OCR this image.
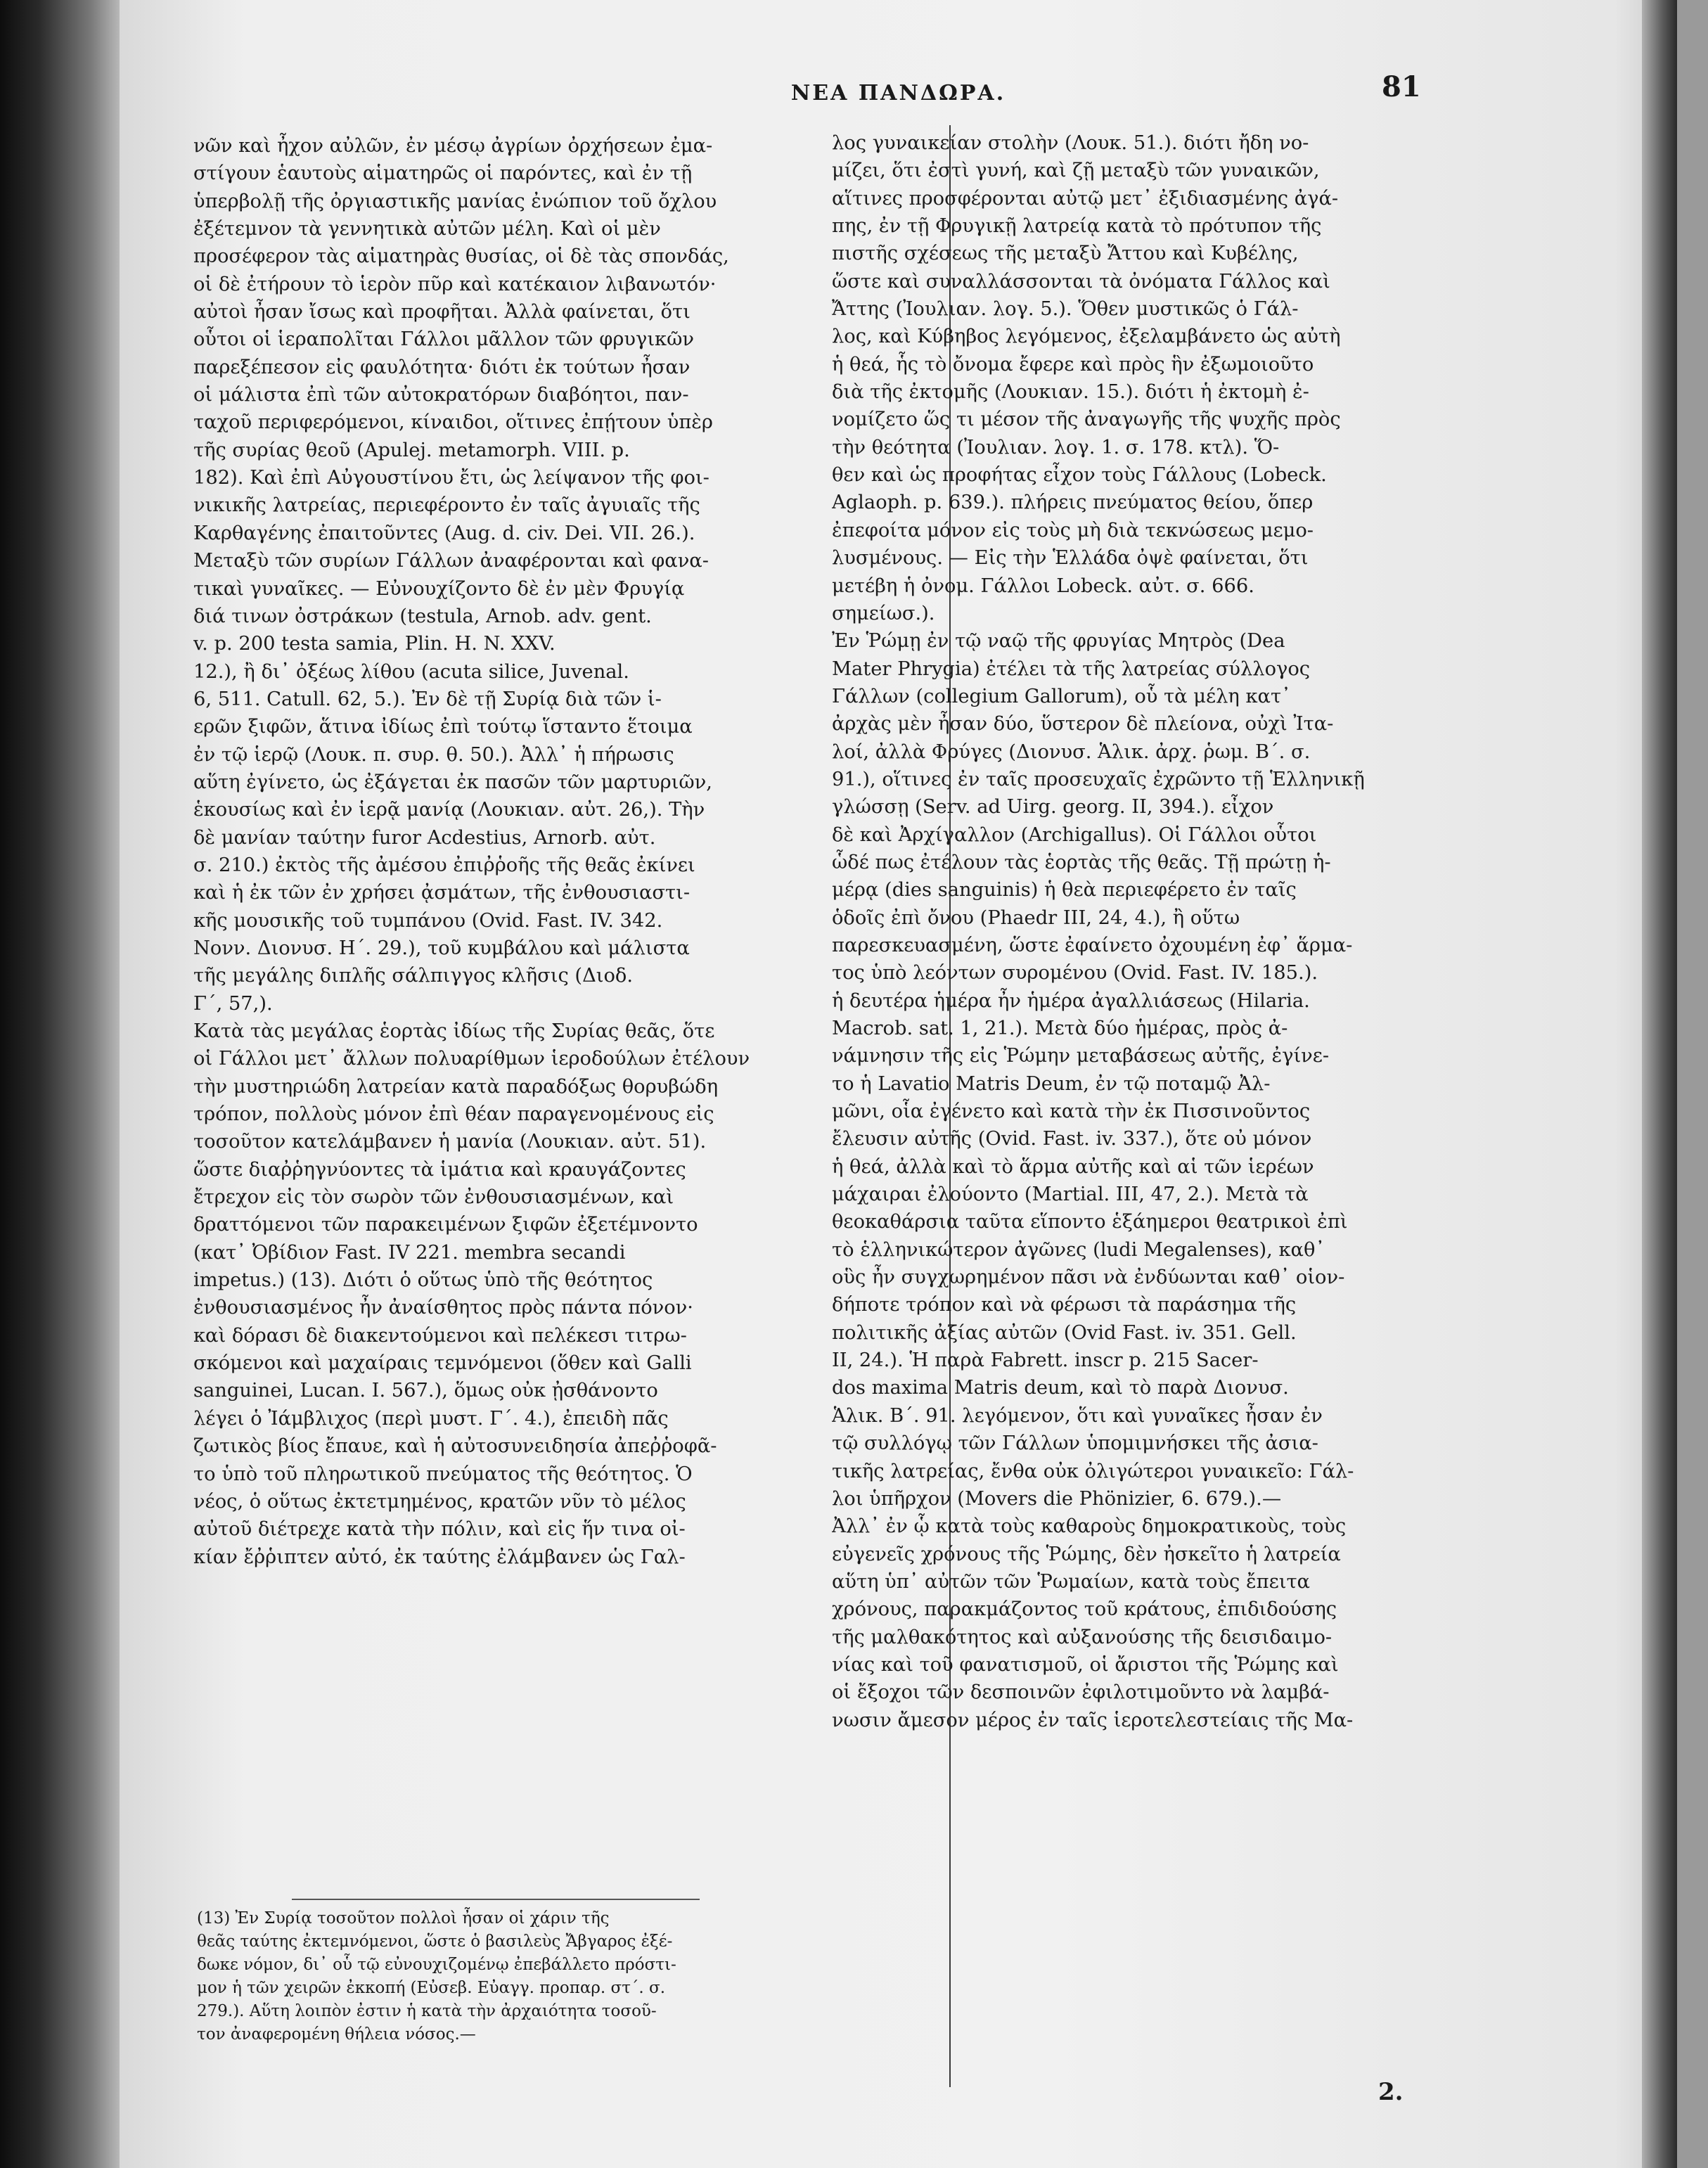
ΝΕΑ ΠΑΝΔΩΡΑ.	81
νῶν καὶ ἦχον αὐλῶν, ἐν μέσῳ ἀγρίων ὀρχήσεων ἐμα-
στίγουν ἑαυτοὺς αἱματηρῶς οἱ παρόντες, καὶ ἐν τῇ
ὑπερβολῇ τῆς ὀργιαστικῆς μανίας ἐνώπιον τοῦ ὄχλου
ἐξέτεμνον τὰ γεννητικὰ αὐτῶν μέλη. Καὶ οἱ μὲν
προσέφερον τὰς αἱματηρὰς θυσίας, οἱ δὲ τὰς σπονδάς,
οἱ δὲ ἐτήρουν τὸ ἱερὸν πῦρ καὶ κατέκαιον λιβανωτόν·
αὐτοὶ ἦσαν ἴσως καὶ προφῆται. Ἀλλὰ φαίνεται, ὅτι
οὗτοι οἱ ἱεραπολῖται Γάλλοι μᾶλλον τῶν φρυγικῶν
παρεξέπεσον εἰς φαυλότητα· διότι ἐκ τούτων ἦσαν
οἱ μάλιστα ἐπὶ τῶν αὐτοκρατόρων διαβόητοι, παν-
ταχοῦ περιφερόμενοι, κίναιδοι, οἵτινες ἐπῄτουν ὑπὲρ
τῆς συρίας θεοῦ (Apulej. metamorph. VIII. p.
182). Καὶ ἐπὶ Αὐγουστίνου ἔτι, ὡς λείψανον τῆς φοι-
νικικῆς λατρείας, περιεφέροντο ἐν ταῖς ἀγυιαῖς τῆς
Καρθαγένης ἐπαιτοῦντες (Aug. d. civ. Dei. VII. 26.).
Μεταξὺ τῶν συρίων Γάλλων ἀναφέρονται καὶ φανα-
τικαὶ γυναῖκες. — Εὐνουχίζοντο δὲ ἐν μὲν Φρυγίᾳ
διά τινων ὀστράκων (testula, Arnob. adv. gent.
v. p. 200 testa samia, Plin. H. N. XXV.
12.), ἢ δι᾽ ὀξέως λίθου (acuta silice, Juvenal.
6, 511. Catull. 62, 5.). Ἐν δὲ τῇ Συρίᾳ διὰ τῶν ἱ-
ερῶν ξιφῶν, ἅτινα ἰδίως ἐπὶ τούτῳ ἵσταντο ἕτοιμα
ἐν τῷ ἱερῷ (Λουκ. π. συρ. θ. 50.). Ἀλλ᾽ ἡ πήρωσις
αὕτη ἐγίνετο, ὡς ἐξάγεται ἐκ πασῶν τῶν μαρτυριῶν,
ἑκουσίως καὶ ἐν ἱερᾷ μανίᾳ (Λουκιαν. αὐτ. 26,). Τὴν
δὲ μανίαν ταύτην furor Acdestius, Arnorb. αὐτ.
σ. 210.) ἐκτὸς τῆς ἀμέσου ἐπιῤῥοῆς τῆς θεᾶς ἐκίνει
καὶ ἡ ἐκ τῶν ἐν χρήσει ᾀσμάτων, τῆς ἐνθουσιαστι-
κῆς μουσικῆς τοῦ τυμπάνου (Ovid. Fast. IV. 342.
Νονν. Διονυσ. Η΄. 29.), τοῦ κυμβάλου καὶ μάλιστα
τῆς μεγάλης διπλῆς σάλπιγγος κλῆσις (Διοδ.
Γ΄, 57,).
Κατὰ τὰς μεγάλας ἑορτὰς ἰδίως τῆς Συρίας θεᾶς, ὅτε
οἱ Γάλλοι μετ᾽ ἄλλων πολυαρίθμων ἱεροδούλων ἐτέλουν
τὴν μυστηριώδη λατρείαν κατὰ παραδόξως θορυβώδη
τρόπον, πολλοὺς μόνον ἐπὶ θέαν παραγενομένους εἰς
τοσοῦτον κατελάμβανεν ἡ μανία (Λουκιαν. αὐτ. 51).
ὥστε διαῤῥηγνύοντες τὰ ἱμάτια καὶ κραυγάζοντες
ἔτρεχον εἰς τὸν σωρὸν τῶν ἐνθουσιασμένων, καὶ
δραττόμενοι τῶν παρακειμένων ξιφῶν ἐξετέμνοντο
(κατ᾽ Ὀβίδιον Fast. IV 221. membra secandi
impetus.) (13). Διότι ὁ οὕτως ὑπὸ τῆς θεότητος
ἐνθουσιασμένος ἦν ἀναίσθητος πρὸς πάντα πόνον·
καὶ δόρασι δὲ διακεντούμενοι καὶ πελέκεσι τιτρω-
σκόμενοι καὶ μαχαίραις τεμνόμενοι (ὅθεν καὶ Galli
sanguinei, Lucan. I. 567.), ὅμως οὐκ ᾐσθάνοντο
λέγει ὁ Ἰάμβλιχος (περὶ μυστ. Γ΄. 4.), ἐπειδὴ πᾶς
ζωτικὸς βίος ἔπαυε, καὶ ἡ αὐτοσυνειδησία ἀπεῤῥοφᾶ-
το ὑπὸ τοῦ πληρωτικοῦ πνεύματος τῆς θεότητος. Ὁ
νέος, ὁ οὕτως ἐκτετμημένος, κρατῶν νῦν τὸ μέλος
αὐτοῦ διέτρεχε κατὰ τὴν πόλιν, καὶ εἰς ἥν τινα οἰ-
κίαν ἔῤῥιπτεν αὐτό, ἐκ ταύτης ἐλάμβανεν ὡς Γαλ-
λος γυναικείαν στολὴν (Λουκ. 51.). διότι ἤδη νο-
μίζει, ὅτι ἐστὶ γυνή, καὶ ζῇ μεταξὺ τῶν γυναικῶν,
αἵτινες προσφέρονται αὐτῷ μετ᾽ ἐξιδιασμένης ἀγά-
πης, ἐν τῇ Φρυγικῇ λατρείᾳ κατὰ τὸ πρότυπον τῆς
πιστῆς σχέσεως τῆς μεταξὺ Ἄττου καὶ Κυβέλης,
ὥστε καὶ συναλλάσσονται τὰ ὀνόματα Γάλλος καὶ
Ἄττης (Ἰουλιαν. λογ. 5.). Ὅθεν μυστικῶς ὁ Γάλ-
λος, καὶ Κύβηβος λεγόμενος, ἐξελαμβάνετο ὡς αὐτὴ
ἡ θεά, ἧς τὸ ὄνομα ἔφερε καὶ πρὸς ἣν ἐξωμοιοῦτο
διὰ τῆς ἐκτομῆς (Λουκιαν. 15.). διότι ἡ ἐκτομὴ ἐ-
νομίζετο ὥς τι μέσον τῆς ἀναγωγῆς τῆς ψυχῆς πρὸς
τὴν θεότητα (Ἰουλιαν. λογ. 1. σ. 178. κτλ). Ὅ-
θεν καὶ ὡς προφήτας εἶχον τοὺς Γάλλους (Lobeck.
Aglaoph. p. 639.). πλήρεις πνεύματος θείου, ὅπερ
ἐπεφοίτα μόνον εἰς τοὺς μὴ διὰ τεκνώσεως μεμο-
λυσμένους. — Εἰς τὴν Ἑλλάδα ὀψὲ φαίνεται, ὅτι
μετέβη ἡ ὀνομ. Γάλλοι Lobeck. αὐτ. σ. 666.
σημείωσ.).
Ἐν Ῥώμῃ ἐν τῷ ναῷ τῆς φρυγίας Μητρὸς (Dea
Mater Phrygia) ἐτέλει τὰ τῆς λατρείας σύλλογος
Γάλλων (collegium Gallorum), οὗ τὰ μέλη κατ᾽
ἀρχὰς μὲν ἦσαν δύο, ὕστερον δὲ πλείονα, οὐχὶ Ἰτα-
λοί, ἀλλὰ Φρύγες (Διονυσ. Ἁλικ. ἀρχ. ῥωμ. Β΄. σ.
91.), οἵτινες ἐν ταῖς προσευχαῖς ἐχρῶντο τῇ Ἑλληνικῇ
γλώσσῃ (Serv. ad Uirg. georg. II, 394.). εἶχον
δὲ καὶ Ἀρχίγαλλον (Archigallus). Οἱ Γάλλοι οὗτοι
ὧδέ πως ἐτέλουν τὰς ἑορτὰς τῆς θεᾶς. Τῇ πρώτῃ ἡ-
μέρᾳ (dies sanguinis) ἡ θεὰ περιεφέρετο ἐν ταῖς
ὁδοῖς ἐπὶ ὄνου (Phaedr III, 24, 4.), ἢ οὕτω
παρεσκευασμένη, ὥστε ἐφαίνετο ὀχουμένη ἐφ᾽ ἅρμα-
τος ὑπὸ λεόντων συρομένου (Ovid. Fast. IV. 185.).
ἡ δευτέρα ἡμέρα ἦν ἡμέρα ἀγαλλιάσεως (Hilaria.
Macrob. sat. 1, 21.). Μετὰ δύο ἡμέρας, πρὸς ἀ-
νάμνησιν τῆς εἰς Ῥώμην μεταβάσεως αὐτῆς, ἐγίνε-
το ἡ Lavatio Matris Deum, ἐν τῷ ποταμῷ Ἀλ-
μῶνι, οἷα ἐγένετο καὶ κατὰ τὴν ἐκ Πισσινοῦντος
ἔλευσιν αὐτῆς (Ovid. Fast. iv. 337.), ὅτε οὐ μόνον
ἡ θεά, ἀλλὰ καὶ τὸ ἅρμα αὐτῆς καὶ αἱ τῶν ἱερέων
μάχαιραι ἐλούοντο (Martial. III, 47, 2.). Μετὰ τὰ
θεοκαθάρσια ταῦτα εἵποντο ἑξάημεροι θεατρικοὶ ἐπὶ
τὸ ἑλληνικώτερον ἀγῶνες (ludi Megalenses), καθ᾽
οὓς ἦν συγχωρημένον πᾶσι νὰ ἐνδύωνται καθ᾽ οἱον-
δήποτε τρόπον καὶ νὰ φέρωσι τὰ παράσημα τῆς
πολιτικῆς ἀξίας αὐτῶν (Ovid Fast. iv. 351. Gell.
II, 24.). Ἡ παρὰ Fabrett. inscr p. 215 Sacer-
dos maxima Matris deum, καὶ τὸ παρὰ Διονυσ.
Ἁλικ. Β΄. 91. λεγόμενον, ὅτι καὶ γυναῖκες ἦσαν ἐν
τῷ συλλόγῳ τῶν Γάλλων ὑπομιμνήσκει τῆς ἀσια-
τικῆς λατρείας, ἔνθα οὐκ ὀλιγώτεροι γυναικεῖο: Γάλ-
λοι ὑπῆρχον (Movers die Phönizier, 6. 679.).—
Ἀλλ᾽ ἐν ᾧ κατὰ τοὺς καθαροὺς δημοκρατικοὺς, τοὺς
εὐγενεῖς χρόνους τῆς Ῥώμης, δὲν ἠσκεῖτο ἡ λατρεία
αὕτη ὑπ᾽ αὐτῶν τῶν Ῥωμαίων, κατὰ τοὺς ἔπειτα
χρόνους, παρακμάζοντος τοῦ κράτους, ἐπιδιδούσης
τῆς μαλθακότητος καὶ αὐξανούσης τῆς δεισιδαιμο-
νίας καὶ τοῦ φανατισμοῦ, οἱ ἄριστοι τῆς Ῥώμης καὶ
οἱ ἔξοχοι τῶν δεσποινῶν ἐφιλοτιμοῦντο νὰ λαμβά-
νωσιν ἄμεσον μέρος ἐν ταῖς ἱεροτελεστείαις τῆς Μα-
(13) Ἐν Συρίᾳ τοσοῦτον πολλοὶ ἦσαν οἱ χάριν τῆς
θεᾶς ταύτης ἐκτεμνόμενοι, ὥστε ὁ βασιλεὺς Ἄβγαρος ἐξέ-
δωκε νόμον, δι᾽ οὗ τῷ εὐνουχιζομένῳ ἐπεβάλλετο πρόστι-
μον ἡ τῶν χειρῶν ἐκκοπή (Εὐσεβ. Εὐαγγ. προπαρ. στ΄. σ.
279.). Αὕτη λοιπὸν ἐστιν ἡ κατὰ τὴν ἀρχαιότητα τοσοῦ-
τον ἀναφερομένη θήλεια νόσος.—
2.
